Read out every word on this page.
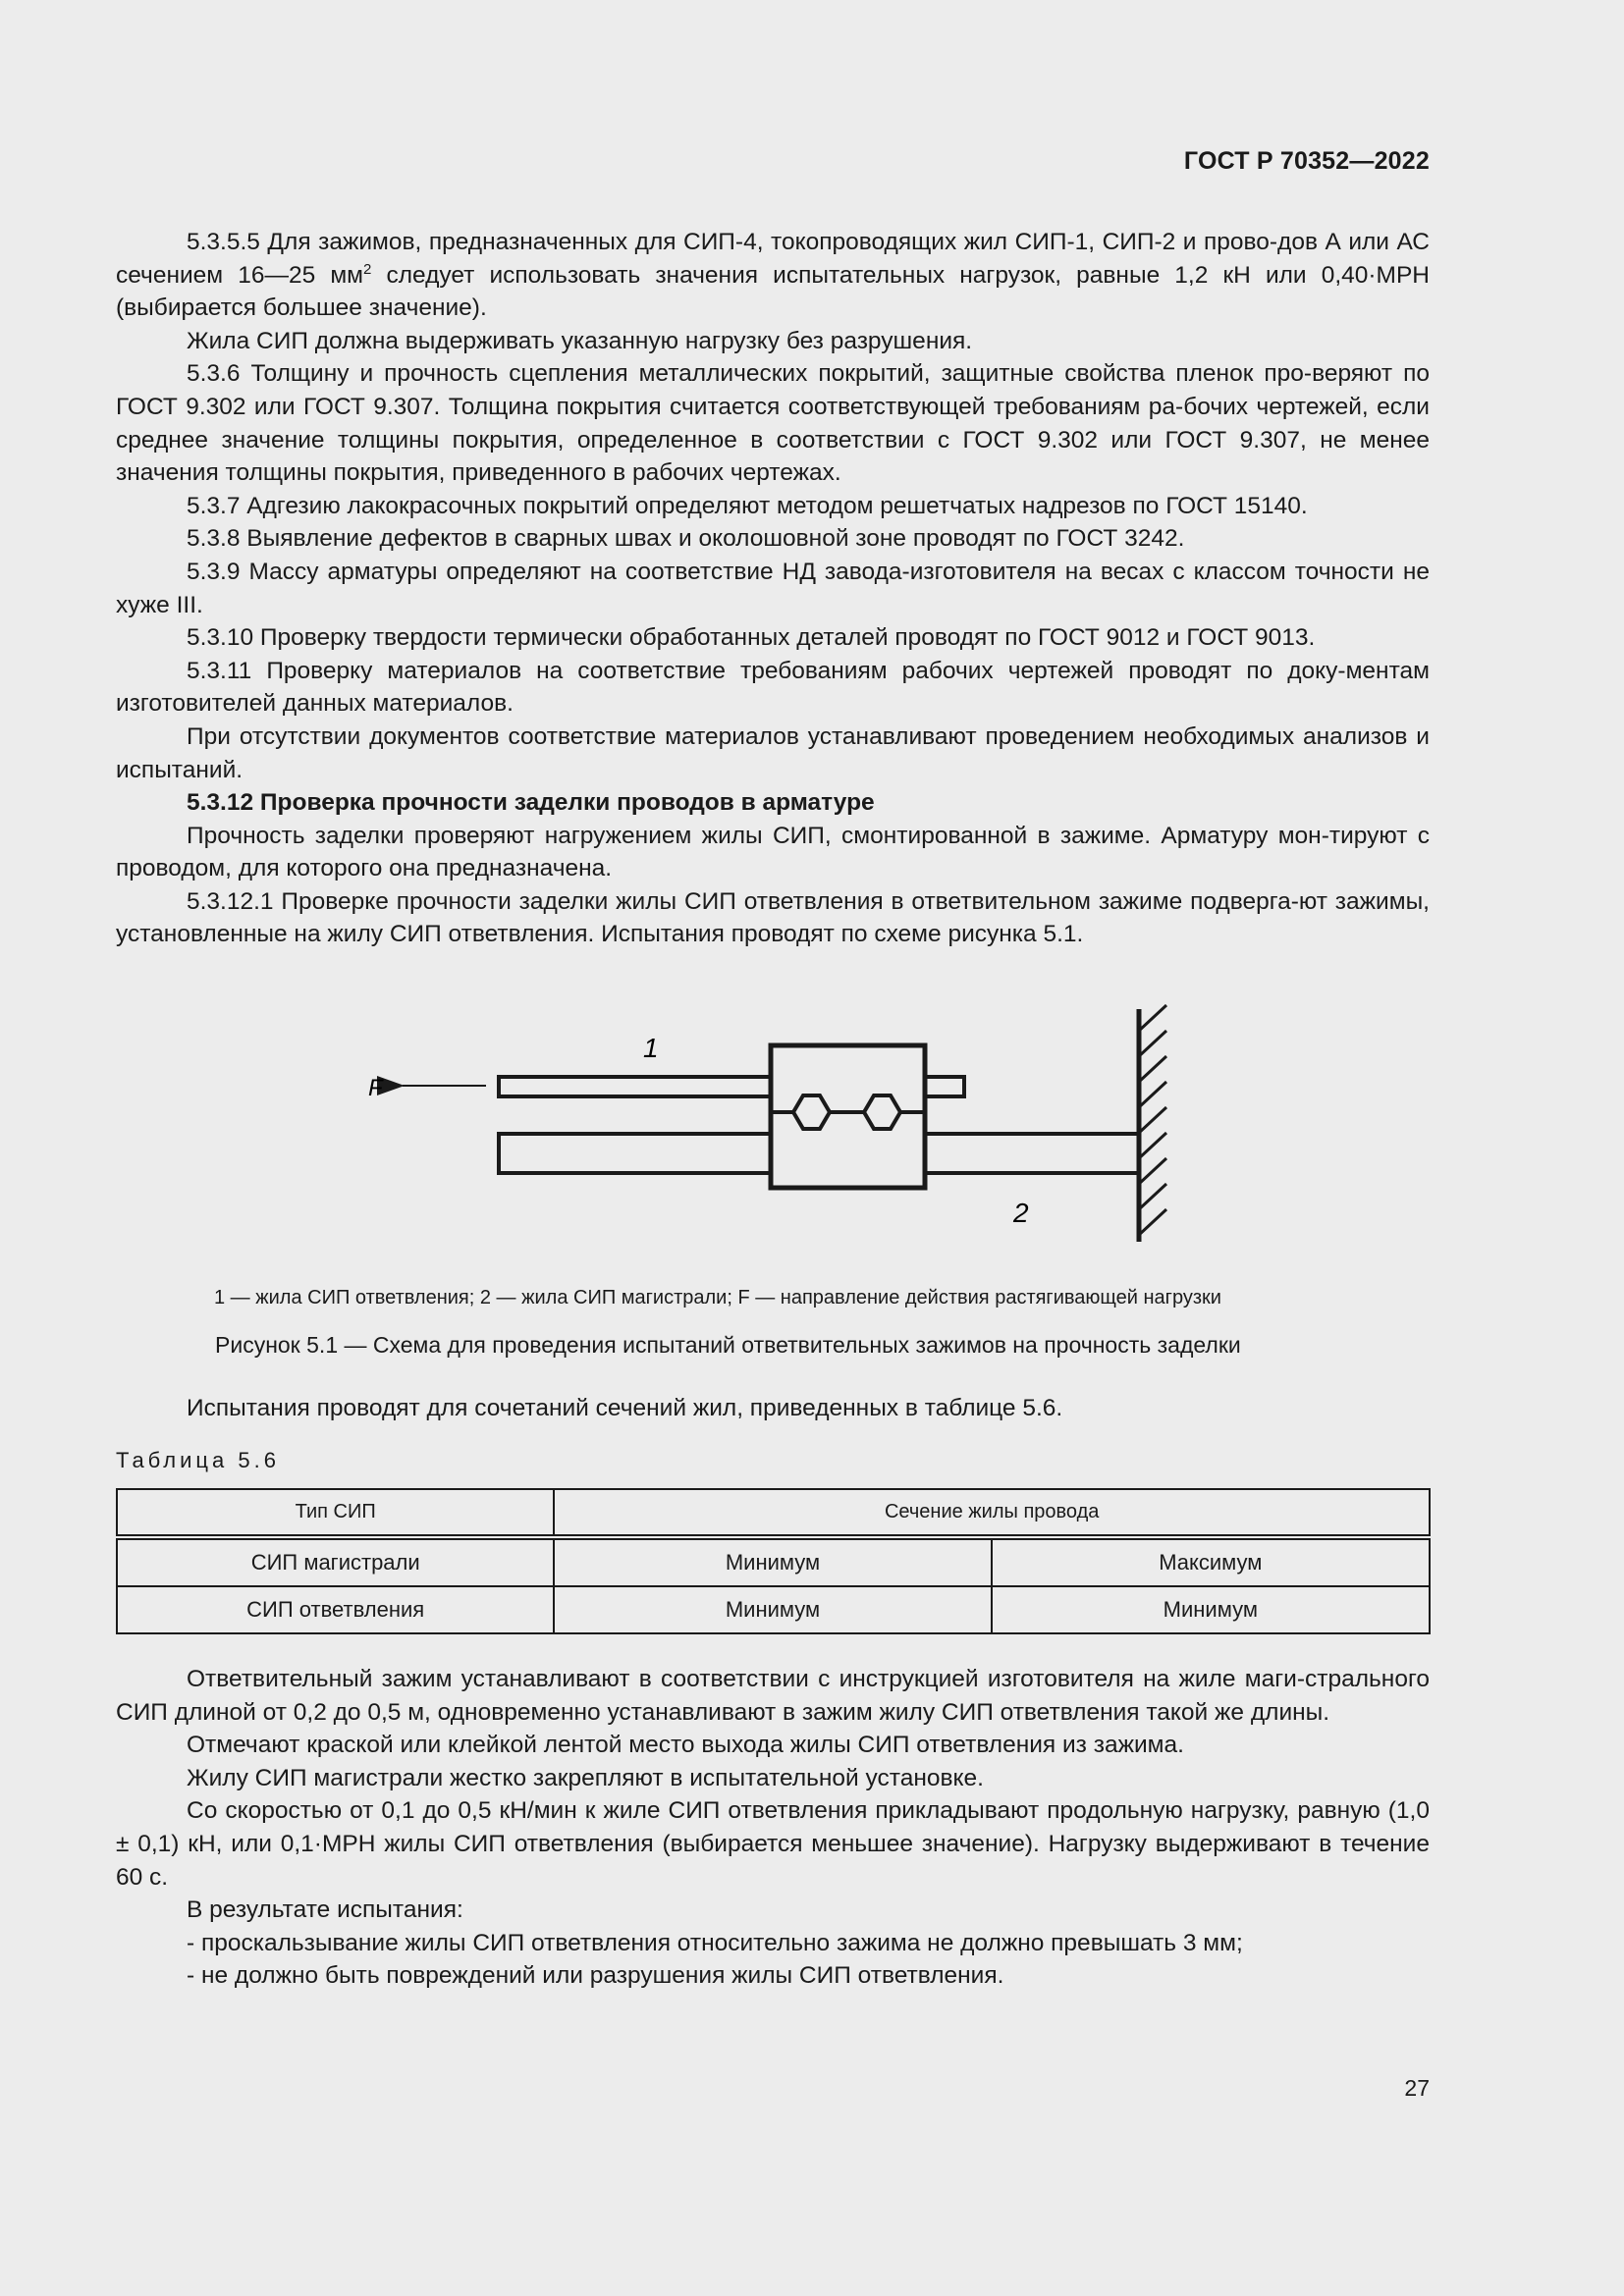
ГОСТ Р 70352—2022

5.3.5.5 Для зажимов, предназначенных для СИП-4, токопроводящих жил СИП-1, СИП-2 и прово-дов А или АС сечением 16—25 $мм^2$ следует использовать значения испытательных нагрузок, равные 1,2 кН или 0,40·МРН (выбирается большее значение).

Жила СИП должна выдерживать указанную нагрузку без разрушения.

5.3.6 Толщину и прочность сцепления металлических покрытий, защитные свойства пленок про-веряют по ГОСТ 9.302 или ГОСТ 9.307. Толщина покрытия считается соответствующей требованиям ра-бочих чертежей, если среднее значение толщины покрытия, определенное в соответствии с ГОСТ 9.302 или ГОСТ 9.307, не менее значения толщины покрытия, приведенного в рабочих чертежах.

5.3.7 Адгезию лакокрасочных покрытий определяют методом решетчатых надрезов по ГОСТ 15140.

5.3.8 Выявление дефектов в сварных швах и околошовной зоне проводят по ГОСТ 3242.

5.3.9 Массу арматуры определяют на соответствие НД завода-изготовителя на весах с классом точности не хуже III.

5.3.10 Проверку твердости термически обработанных деталей проводят по ГОСТ 9012 и ГОСТ 9013.

5.3.11 Проверку материалов на соответствие требованиям рабочих чертежей проводят по доку-ментам изготовителей данных материалов.

При отсутствии документов соответствие материалов устанавливают проведением необходимых анализов и испытаний.

5.3.12 Проверка прочности заделки проводов в арматуре

Прочность заделки проверяют нагружением жилы СИП, смонтированной в зажиме. Арматуру мон-тируют с проводом, для которого она предназначена.

5.3.12.1 Проверке прочности заделки жилы СИП ответвления в ответвительном зажиме подверга-ют зажимы, установленные на жилу СИП ответвления. Испытания проводят по схеме рисунка 5.1.

F
1
2
1 — жила СИП ответвления; 2 — жила СИП магистрали; F — направление действия растягивающей нагрузки
Рисунок 5.1 — Схема для проведения испытаний ответвительных зажимов на прочность заделки
Испытания проводят для сочетаний сечений жил, приведенных в таблице 5.6.
Таблица 5.6
Тип СИП	Сечение жилы провода	
СИП магистрали	Минимум	Максимум
СИП ответвления	Минимум	Минимум

Ответвительный зажим устанавливают в соответствии с инструкцией изготовителя на жиле маги-стрального СИП длиной от 0,2 до 0,5 м, одновременно устанавливают в зажим жилу СИП ответвления такой же длины.

Отмечают краской или клейкой лентой место выхода жилы СИП ответвления из зажима.

Жилу СИП магистрали жестко закрепляют в испытательной установке.

Со скоростью от 0,1 до 0,5 кН/мин к жиле СИП ответвления прикладывают продольную нагрузку, равную (1,0 ± 0,1) кН, или 0,1·МРН жилы СИП ответвления (выбирается меньшее значение). Нагрузку выдерживают в течение 60 с.

В результате испытания:

- проскальзывание жилы СИП ответвления относительно зажима не должно превышать 3 мм;

- не должно быть повреждений или разрушения жилы СИП ответвления.

27
